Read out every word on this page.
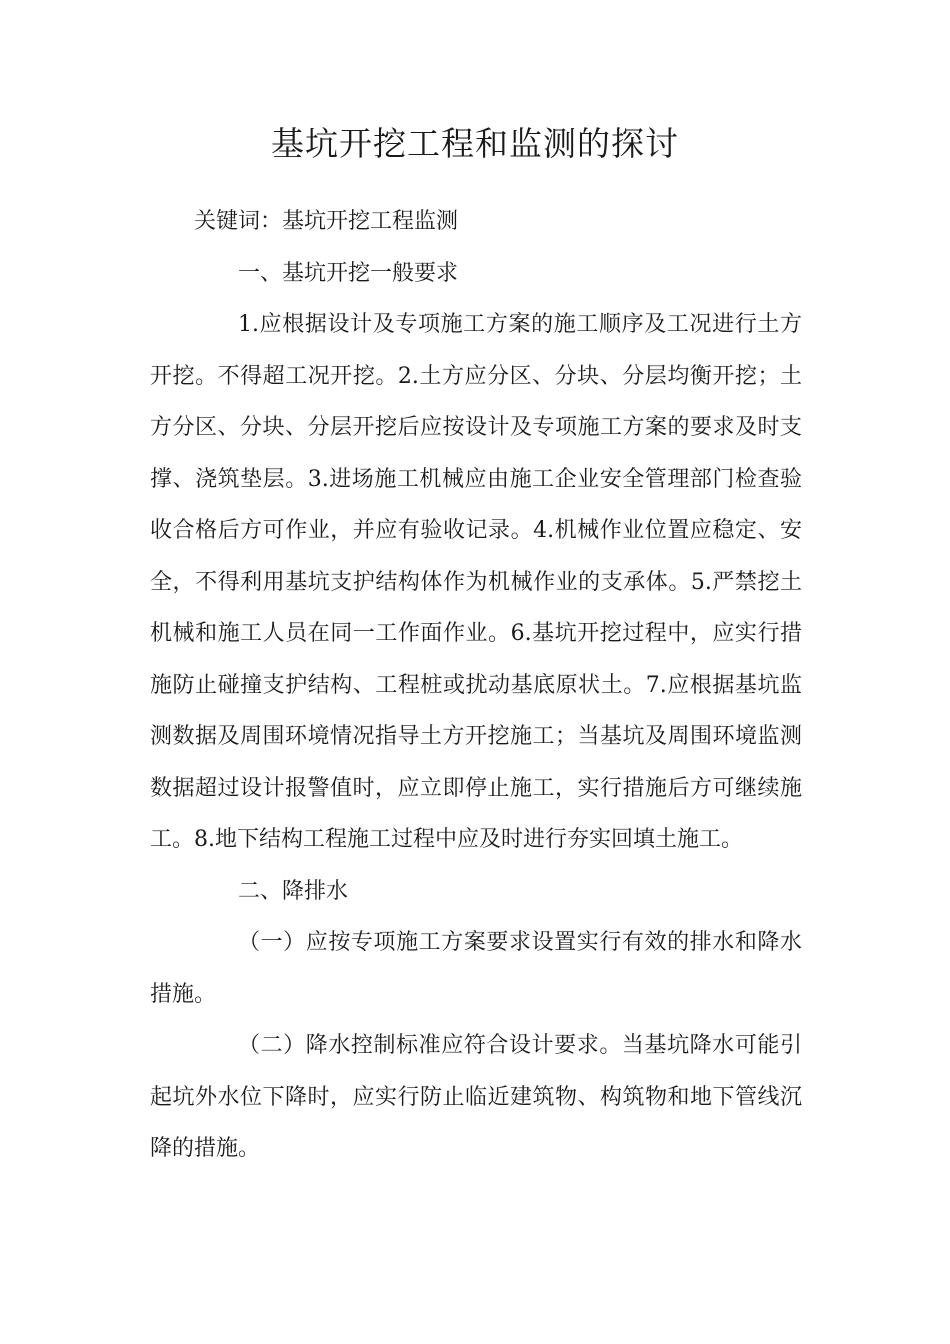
基坑开挖工程和监测的探讨

关键词：基坑开挖工程监测

一、基坑开挖一般要求

1.应根据设计及专项施工方案的施工顺序及工况进行土方开挖。不得超工况开挖。2.土方应分区、分块、分层均衡开挖；土方分区、分块、分层开挖后应按设计及专项施工方案的要求及时支撑、浇筑垫层。3.进场施工机械应由施工企业安全管理部门检查验收合格后方可作业，并应有验收记录。4.机械作业位置应稳定、安全，不得利用基坑支护结构体作为机械作业的支承体。5.严禁挖土机械和施工人员在同一工作面作业。6.基坑开挖过程中，应实行措施防止碰撞支护结构、工程桩或扰动基底原状土。7.应根据基坑监测数据及周围环境情况指导土方开挖施工；当基坑及周围环境监测数据超过设计报警值时，应立即停止施工，实行措施后方可继续施工。8.地下结构工程施工过程中应及时进行夯实回填土施工。

二、降排水

（一）应按专项施工方案要求设置实行有效的排水和降水措施。

（二）降水控制标准应符合设计要求。当基坑降水可能引起坑外水位下降时，应实行防止临近建筑物、构筑物和地下管线沉降的措施。
